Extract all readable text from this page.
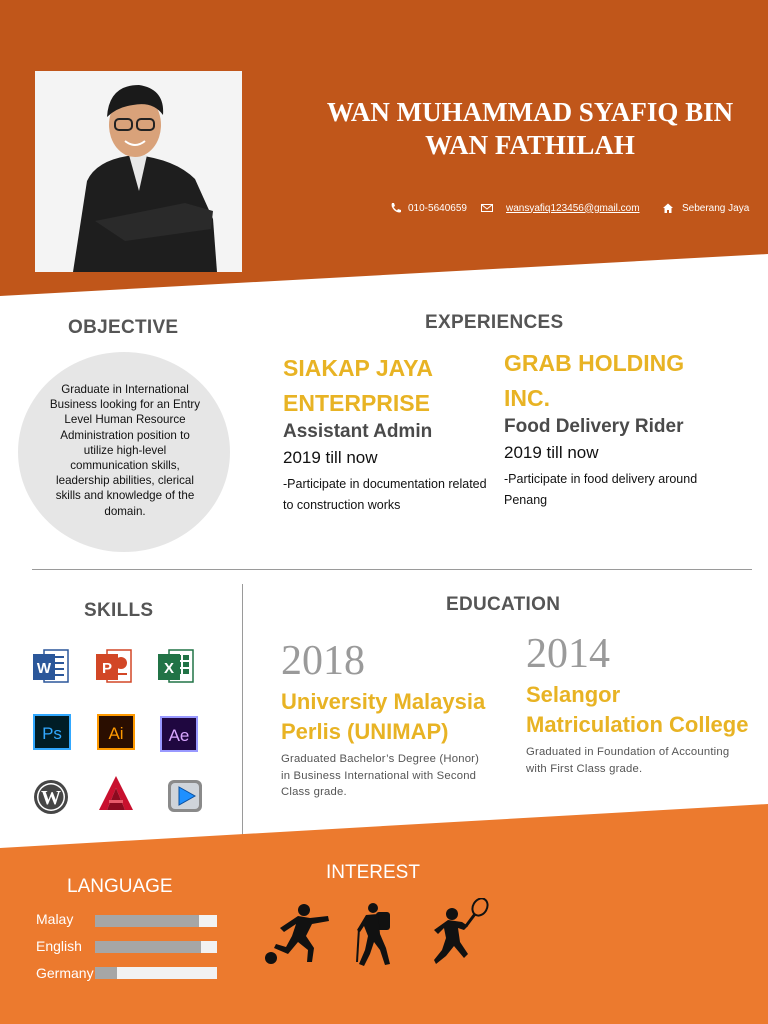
WAN MUHAMMAD SYAFIQ BIN WAN FATHILAH
010-5640659	wansyafiq123456@gmail.com	Seberang Jaya
OBJECTIVE
Graduate in International Business looking for an Entry Level Human Resource Administration position to utilize high-level communication skills, leadership abilities, clerical skills and knowledge of the domain.
EXPERIENCES
SIAKAP JAYA ENTERPRISE
Assistant Admin
2019 till now
-Participate in documentation related to construction works
GRAB HOLDING INC.
Food Delivery Rider
2019 till now
-Participate in food delivery around Penang
SKILLS
W	P	X
Ps	Ai	Ae
W
EDUCATION
2018
University Malaysia Perlis (UNIMAP)
Graduated Bachelor’s Degree (Honor) in Business International with Second Class grade.
2014
Selangor Matriculation College
Graduated in Foundation of Accounting with First Class grade.
LANGUAGE
Malay
English
Germany
INTEREST
